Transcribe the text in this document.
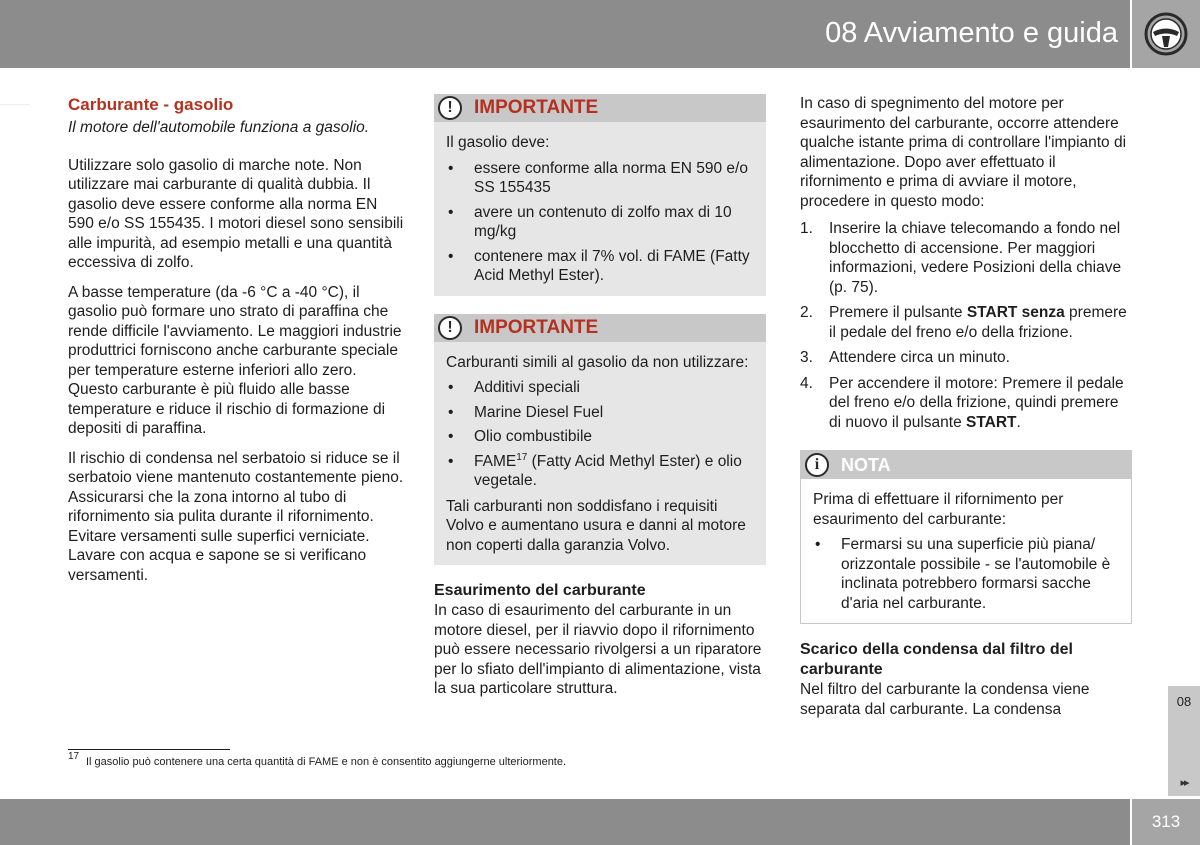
08 Avviamento e guida
Carburante - gasolio
Il motore dell'automobile funziona a gasolio.

Utilizzare solo gasolio di marche note. Non utilizzare mai carburante di qualità dubbia. Il gasolio deve essere conforme alla norma EN 590 e/o SS 155435. I motori diesel sono sensibili alle impurità, ad esempio metalli e una quantità eccessiva di zolfo.

A basse temperature (da -6 °C a -40 °C), il gasolio può formare uno strato di paraffina che rende difficile l'avviamento. Le maggiori industrie produttrici forniscono anche carburante speciale per temperature esterne inferiori allo zero. Questo carburante è più fluido alle basse temperature e riduce il rischio di formazione di depositi di paraffina.

Il rischio di condensa nel serbatoio si riduce se il serbatoio viene mantenuto costantemente pieno. Assicurarsi che la zona intorno al tubo di rifornimento sia pulita durante il rifornimento. Evitare versamenti sulle superfici verniciate. Lavare con acqua e sapone se si verificano versamenti.

!	IMPORTANTE

Il gasolio deve:

• essere conforme alla norma EN 590 e/o SS 155435
• avere un contenuto di zolfo max di 10 mg/kg
• contenere max il 7% vol. di FAME (Fatty Acid Methyl Ester).
!	IMPORTANTE

Carburanti simili al gasolio da non utilizzare:

• Additivi speciali
• Marine Diesel Fuel
• Olio combustibile
• FAME$^{17}$ (Fatty Acid Methyl Ester) e olio vegetale.

Tali carburanti non soddisfano i requisiti Volvo e aumentano usura e danni al motore non coperti dalla garanzia Volvo.

Esaurimento del carburante

In caso di esaurimento del carburante in un motore diesel, per il riavvio dopo il rifornimento può essere necessario rivolgersi a un riparatore per lo sfiato dell'impianto di alimentazione, vista la sua particolare struttura.

In caso di spegnimento del motore per esaurimento del carburante, occorre attendere qualche istante prima di controllare l'impianto di alimentazione. Dopo aver effettuato il rifornimento e prima di avviare il motore, procedere in questo modo:

1. Inserire la chiave telecomando a fondo nel blocchetto di accensione. Per maggiori informazioni, vedere Posizioni della chiave (p. 75).
2. Premere il pulsante START senza premere il pedale del freno e/o della frizione.
3. Attendere circa un minuto.
4. Per accendere il motore: Premere il pedale del freno e/o della frizione, quindi premere di nuovo il pulsante START.
i	NOTA

Prima di effettuare il rifornimento per esaurimento del carburante:

• Fermarsi su una superficie più piana/ orizzontale possibile - se l'automobile è inclinata potrebbero formarsi sacche d'aria nel carburante.
Scarico della condensa dal filtro del carburante

Nel filtro del carburante la condensa viene separata dal carburante. La condensa	08
▸▸
$^{17}$ Il gasolio può contenere una certa quantità di FAME e non è consentito aggiungerne ulteriormente.
313
